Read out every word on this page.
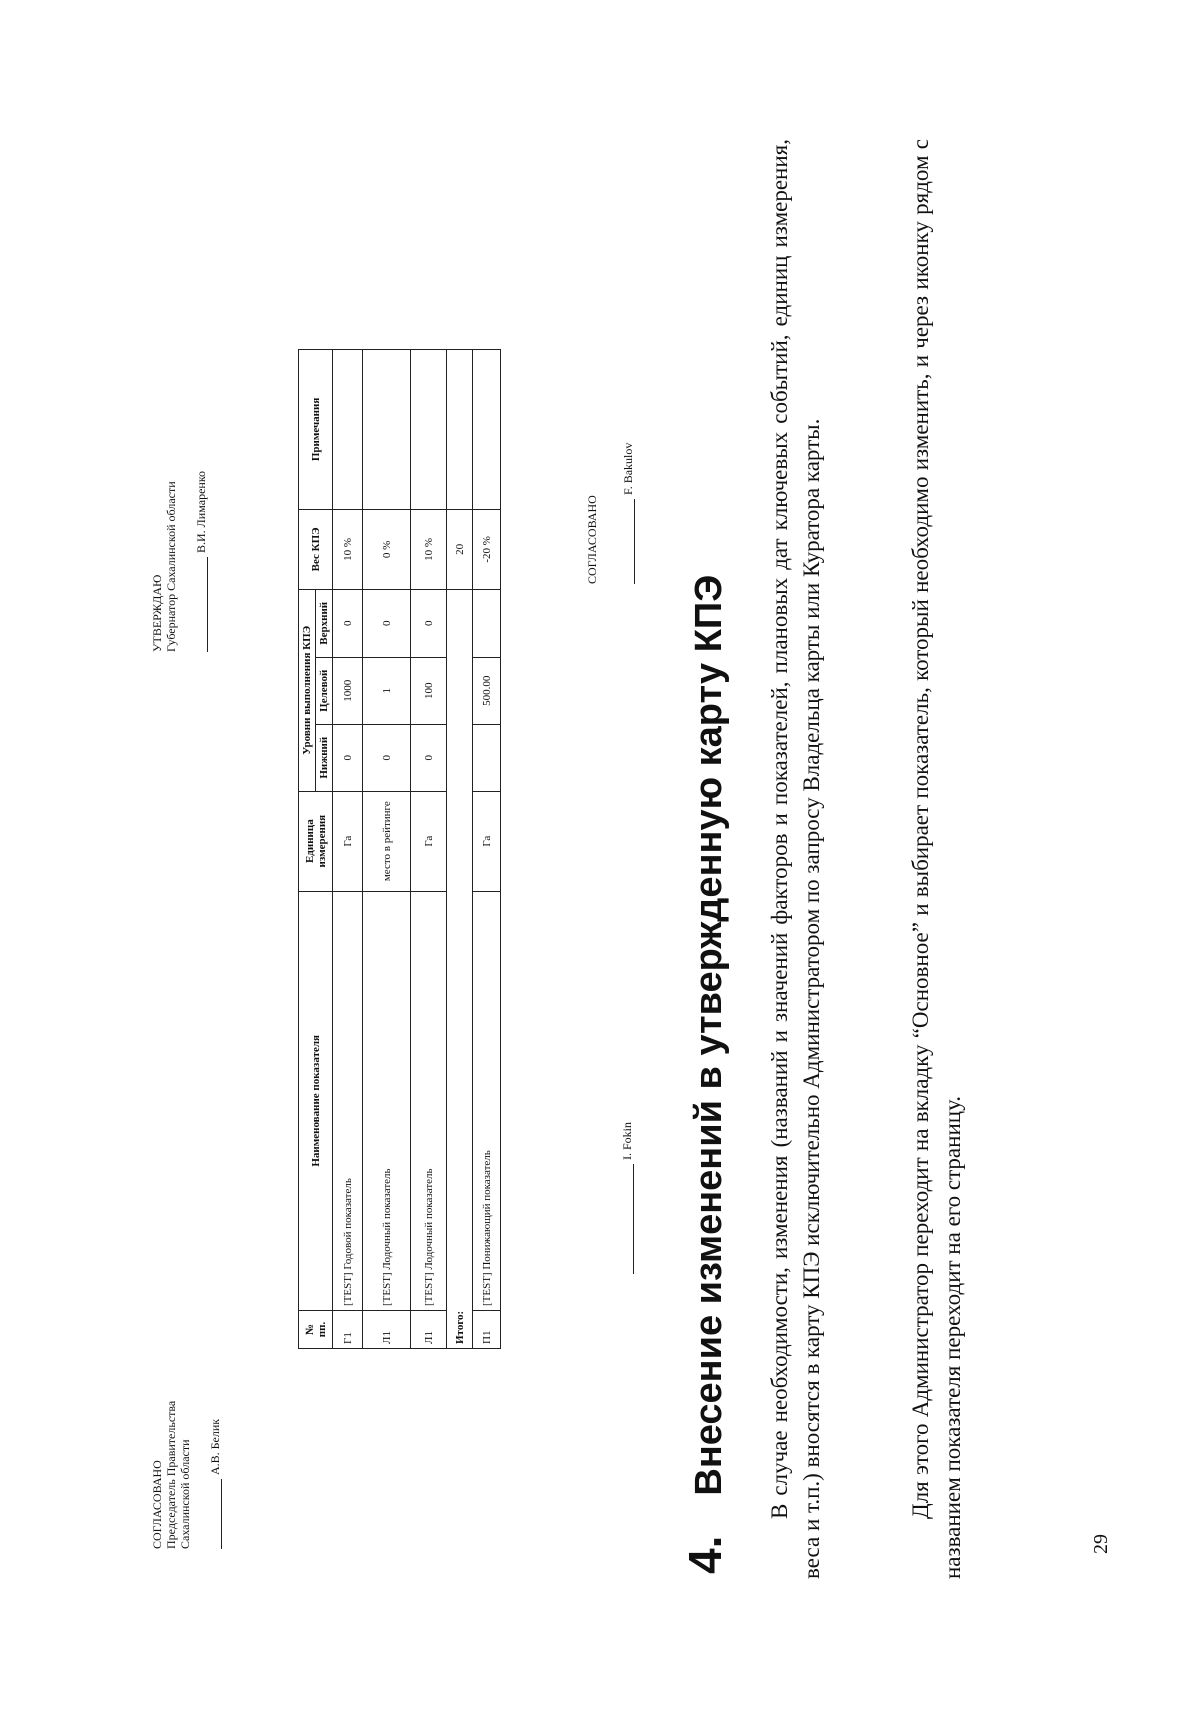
СОГЛАСОВАНО Председатель Правительства Сахалинской области А.В. Белик
УТВЕРЖДАЮ Губернатор Сахалинской области В.И. Лимаренко
№ пп.	Наименование показателя	Единица измерения	Уровни выполнения КПЭ			Вес КПЭ	Примечания
			Нижний	Целевой	Верхний		
Г1	[TEST] Годовой показатель	Га	0	1000	0	10 %	
Л1	[TEST] Лодочный показатель	место в рейтинге	0	1	0	0 %	
Л1	[TEST] Лодочный показатель	Га	0	100	0	10 %	
Итого:						20	
П1	[TEST] Понижающий показатель	Га		500.00		-20 %	
I. Fokin
СОГЛАСОВАНО
F. Bakulov
4.Внесение изменений в утвержденную карту КПЭ В случае необходимости, изменения (названий и значений факторов и показателей, плановых дат ключевых событий, единиц измерения, веса и т.п.) вносятся в карту КПЭ исключительно Администратором по запросу Владельца карты или Куратора карты.	Для этого Администратор переходит на вкладку “Основное” и выбирает показатель, который необходимо изменить, и через иконку рядом с названием показателя переходит на его страницу.	29
